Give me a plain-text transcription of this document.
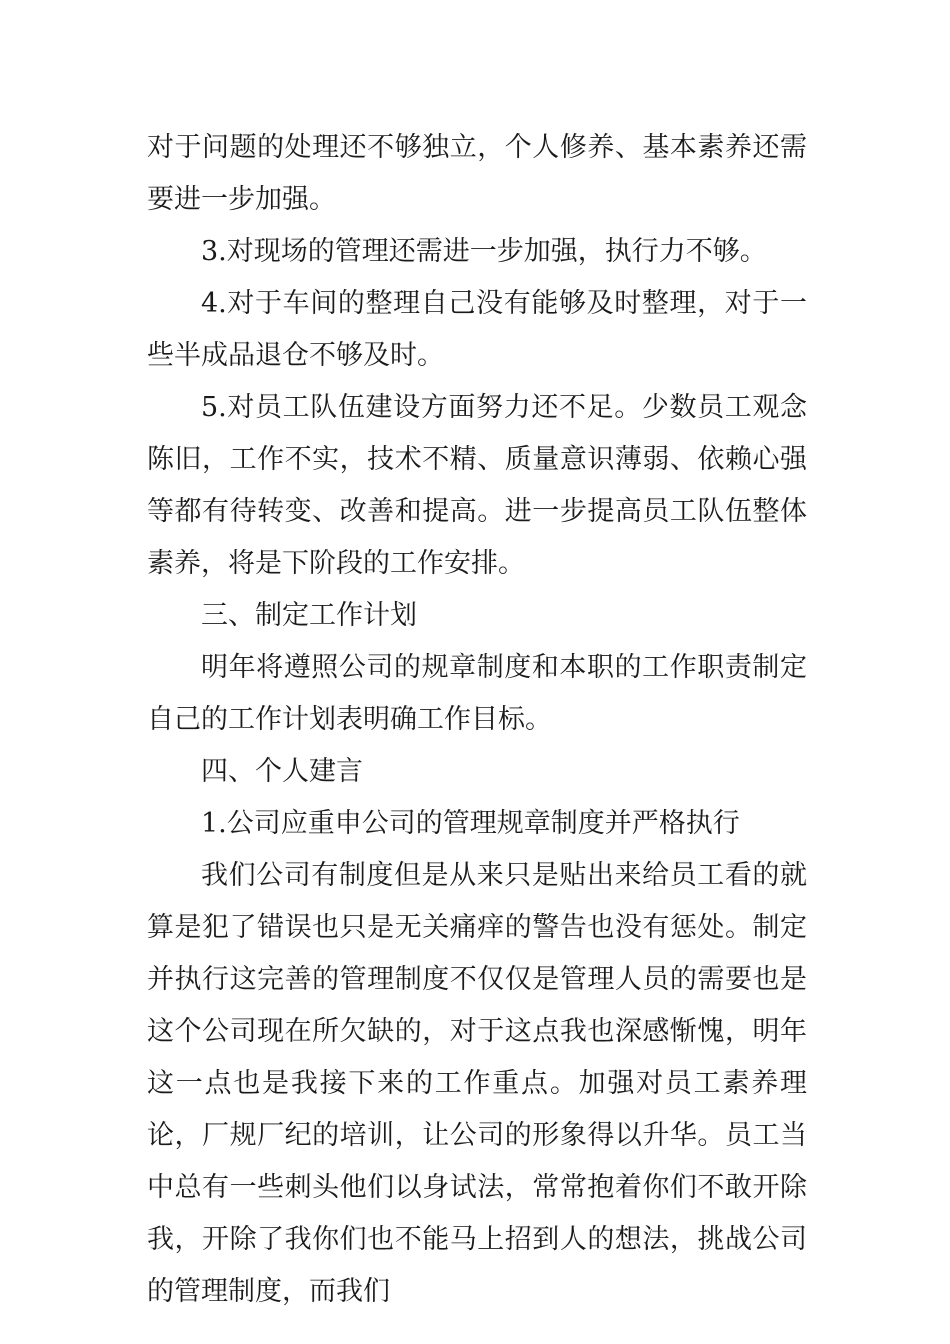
对于问题的处理还不够独立，个人修养、基本素养还需要进一步加强。

3.对现场的管理还需进一步加强，执行力不够。

4.对于车间的整理自己没有能够及时整理，对于一些半成品退仓不够及时。

5.对员工队伍建设方面努力还不足。少数员工观念陈旧，工作不实，技术不精、质量意识薄弱、依赖心强等都有待转变、改善和提高。进一步提高员工队伍整体素养，将是下阶段的工作安排。

三、制定工作计划

明年将遵照公司的规章制度和本职的工作职责制定自己的工作计划表明确工作目标。

四、个人建言

1.公司应重申公司的管理规章制度并严格执行

我们公司有制度但是从来只是贴出来给员工看的就算是犯了错误也只是无关痛痒的警告也没有惩处。制定并执行这完善的管理制度不仅仅是管理人员的需要也是这个公司现在所欠缺的，对于这点我也深感惭愧，明年这一点也是我接下来的工作重点。加强对员工素养理论，厂规厂纪的培训，让公司的形象得以升华。员工当中总有一些刺头他们以身试法，常常抱着你们不敢开除我，开除了我你们也不能马上招到人的想法，挑战公司的管理制度，而我们
